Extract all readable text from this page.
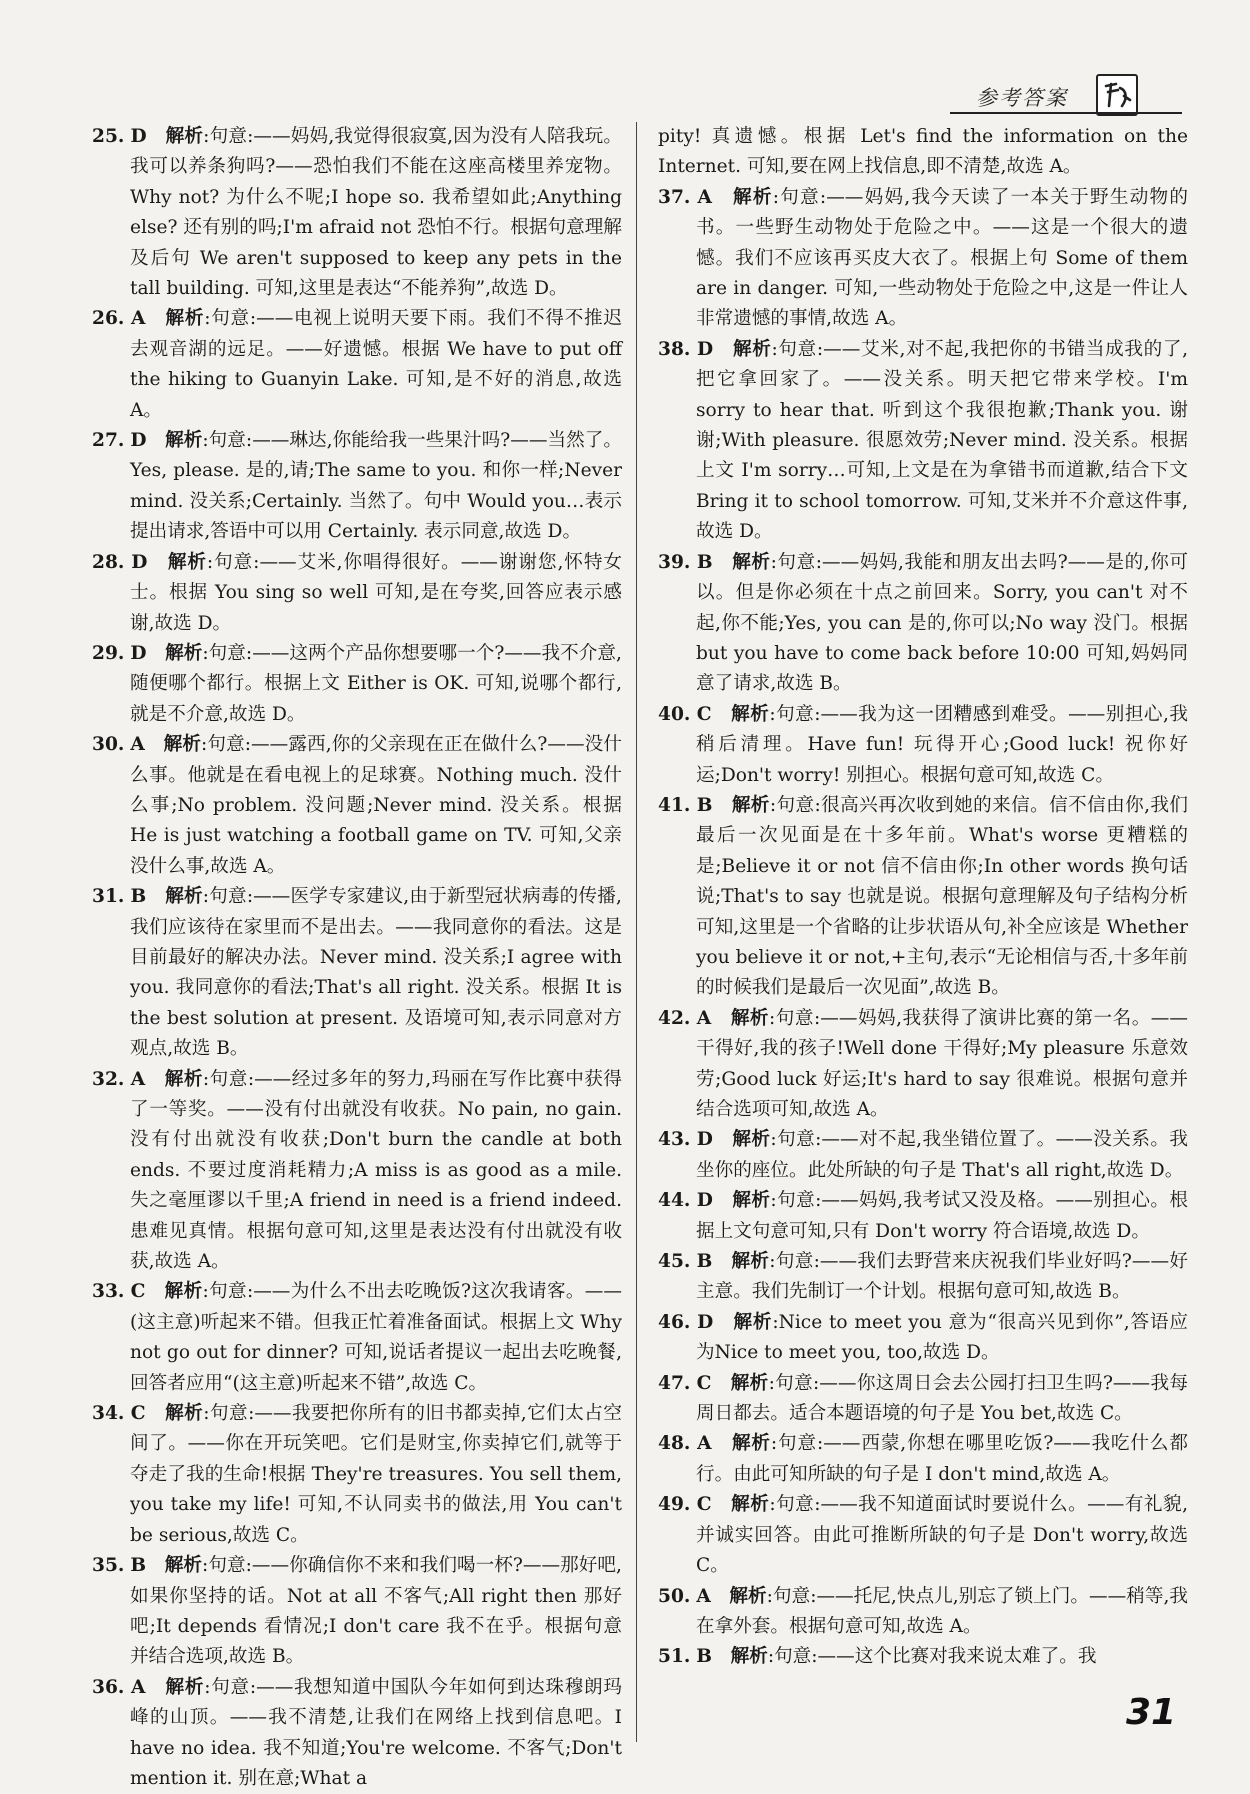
参考答案

25. D　 解析:句意:——妈妈,我觉得很寂寞,因为没有人陪我玩。我可以养条狗吗?——恐怕我们不能在这座高楼里养宠物。Why not? 为什么不呢;I hope so. 我希望如此;Anything else? 还有别的吗;I'm afraid not 恐怕不行。根据句意理解及后句 We aren't supposed to keep any pets in the tall building. 可知,这里是表达“不能养狗”,故选 D。

26. A　 解析:句意:——电视上说明天要下雨。我们不得不推迟去观音湖的远足。——好遗憾。根据 We have to put off the hiking to Guanyin Lake. 可知,是不好的消息,故选 A。

27. D　 解析:句意:——琳达,你能给我一些果汁吗?——当然了。Yes, please. 是的,请;The same to you. 和你一样;Never mind. 没关系;Certainly. 当然了。句中 Would you…表示提出请求,答语中可以用 Certainly. 表示同意,故选 D。

28. D　 解析:句意:——艾米,你唱得很好。——谢谢您,怀特女士。根据 You sing so well 可知,是在夸奖,回答应表示感谢,故选 D。

29. D　 解析:句意:——这两个产品你想要哪一个?——我不介意,随便哪个都行。根据上文 Either is OK. 可知,说哪个都行,就是不介意,故选 D。

30. A　 解析:句意:——露西,你的父亲现在正在做什么?——没什么事。他就是在看电视上的足球赛。Nothing much. 没什么事;No problem. 没问题;Never mind. 没关系。根据 He is just watching a football game on TV. 可知,父亲没什么事,故选 A。

31. B　 解析:句意:——医学专家建议,由于新型冠状病毒的传播,我们应该待在家里而不是出去。——我同意你的看法。这是目前最好的解决办法。Never mind. 没关系;I agree with you. 我同意你的看法;That's all right. 没关系。根据 It is the best solution at present. 及语境可知,表示同意对方观点,故选 B。

32. A　 解析:句意:——经过多年的努力,玛丽在写作比赛中获得了一等奖。——没有付出就没有收获。No pain, no gain. 没有付出就没有收获;Don't burn the candle at both ends. 不要过度消耗精力;A miss is as good as a mile. 失之毫厘谬以千里;A friend in need is a friend indeed. 患难见真情。根据句意可知,这里是表达没有付出就没有收获,故选 A。

33. C　 解析:句意:——为什么不出去吃晚饭?这次我请客。——(这主意)听起来不错。但我正忙着准备面试。根据上文 Why not go out for dinner? 可知,说话者提议一起出去吃晚餐,回答者应用“(这主意)听起来不错”,故选 C。

34. C　 解析:句意:——我要把你所有的旧书都卖掉,它们太占空间了。——你在开玩笑吧。它们是财宝,你卖掉它们,就等于夺走了我的生命!根据 They're treasures. You sell them, you take my life! 可知,不认同卖书的做法,用 You can't be serious,故选 C。

35. B　 解析:句意:——你确信你不来和我们喝一杯?——那好吧,如果你坚持的话。Not at all 不客气;All right then 那好吧;It depends 看情况;I don't care 我不在乎。根据句意并结合选项,故选 B。

36. A　 解析:句意:——我想知道中国队今年如何到达珠穆朗玛峰的山顶。——我不清楚,让我们在网络上找到信息吧。I have no idea. 我不知道;You're welcome. 不客气;Don't mention it. 别在意;What a

pity! 真遗憾。根据 Let's find the information on the Internet. 可知,要在网上找信息,即不清楚,故选 A。

37. A　 解析:句意:——妈妈,我今天读了一本关于野生动物的书。一些野生动物处于危险之中。——这是一个很大的遗憾。我们不应该再买皮大衣了。根据上句 Some of them are in danger. 可知,一些动物处于危险之中,这是一件让人非常遗憾的事情,故选 A。

38. D　 解析:句意:——艾米,对不起,我把你的书错当成我的了,把它拿回家了。——没关系。明天把它带来学校。I'm sorry to hear that. 听到这个我很抱歉;Thank you. 谢谢;With pleasure. 很愿效劳;Never mind. 没关系。根据上文 I'm sorry…可知,上文是在为拿错书而道歉,结合下文 Bring it to school tomorrow. 可知,艾米并不介意这件事,故选 D。

39. B　 解析:句意:——妈妈,我能和朋友出去吗?——是的,你可以。但是你必须在十点之前回来。Sorry, you can't 对不起,你不能;Yes, you can 是的,你可以;No way 没门。根据 but you have to come back before 10:00 可知,妈妈同意了请求,故选 B。

40. C　 解析:句意:——我为这一团糟感到难受。——别担心,我稍后清理。Have fun! 玩得开心;Good luck! 祝你好运;Don't worry! 别担心。根据句意可知,故选 C。

41. B　 解析:句意:很高兴再次收到她的来信。信不信由你,我们最后一次见面是在十多年前。What's worse 更糟糕的是;Believe it or not 信不信由你;In other words 换句话说;That's to say 也就是说。根据句意理解及句子结构分析可知,这里是一个省略的让步状语从句,补全应该是 Whether you believe it or not,+主句,表示“无论相信与否,十多年前的时候我们是最后一次见面”,故选 B。

42. A　 解析:句意:——妈妈,我获得了演讲比赛的第一名。——干得好,我的孩子!Well done 干得好;My pleasure 乐意效劳;Good luck 好运;It's hard to say 很难说。根据句意并结合选项可知,故选 A。

43. D　 解析:句意:——对不起,我坐错位置了。——没关系。我坐你的座位。此处所缺的句子是 That's all right,故选 D。

44. D　 解析:句意:——妈妈,我考试又没及格。——别担心。根据上文句意可知,只有 Don't worry 符合语境,故选 D。

45. B　 解析:句意:——我们去野营来庆祝我们毕业好吗?——好主意。我们先制订一个计划。根据句意可知,故选 B。

46. D　 解析:Nice to meet you 意为“很高兴见到你”,答语应为Nice to meet you, too,故选 D。

47. C　 解析:句意:——你这周日会去公园打扫卫生吗?——我每周日都去。适合本题语境的句子是 You bet,故选 C。

48. A　 解析:句意:——西蒙,你想在哪里吃饭?——我吃什么都行。由此可知所缺的句子是 I don't mind,故选 A。

49. C　 解析:句意:——我不知道面试时要说什么。——有礼貌,并诚实回答。由此可推断所缺的句子是 Don't worry,故选 C。

50. A　 解析:句意:——托尼,快点儿,别忘了锁上门。——稍等,我在拿外套。根据句意可知,故选 A。

51. B　 解析:句意:——这个比赛对我来说太难了。我

31
